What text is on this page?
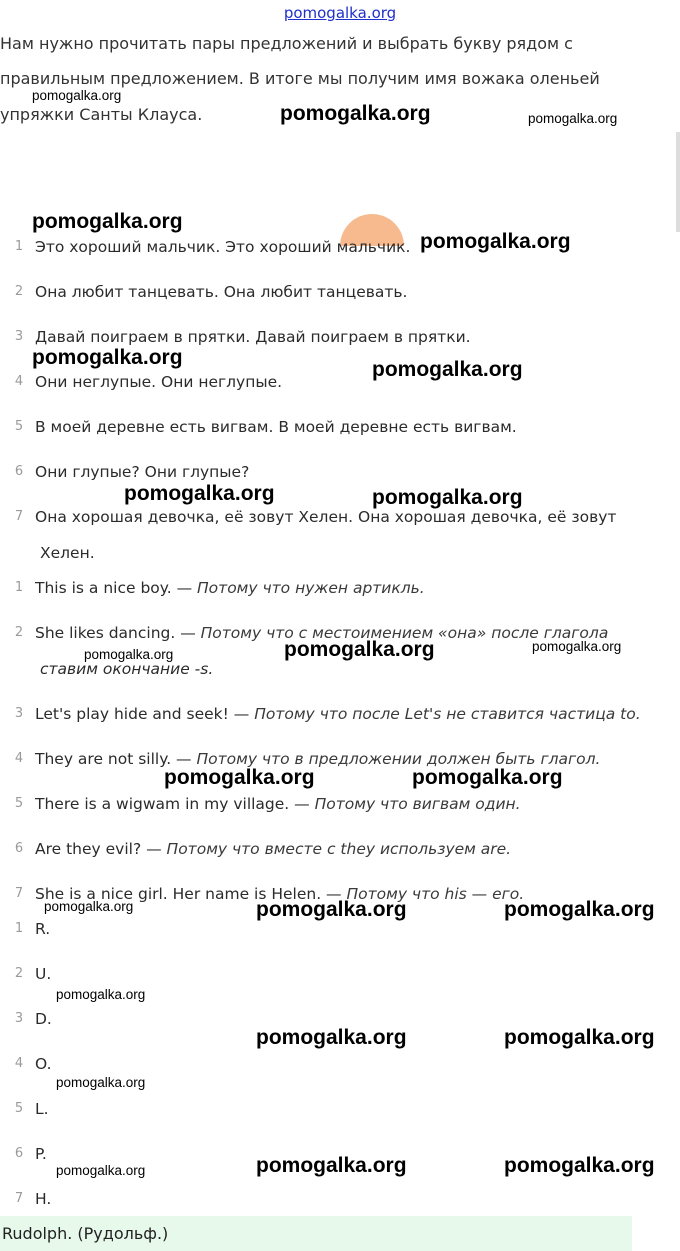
pomogalka.org
Нам нужно прочитать пары предложений и выбрать букву рядом с
правильным предложением. В итоге мы получим имя вожака оленьей
упряжки Санты Клауса.
1 Это хороший мальчик. Это хороший мальчик.
2 Она любит танцевать. Она любит танцевать.
3 Давай поиграем в прятки. Давай поиграем в прятки.
4 Они неглупые. Они неглупые.
5 В моей деревне есть вигвам. В моей деревне есть вигвам.
6 Они глупые? Они глупые?
7 Она хорошая девочка, её зовут Хелен. Она хорошая девочка, её зовут
Хелен.
1 This is a nice boy. — Потому что нужен артикль.
2 She likes dancing. — Потому что с местоимением «она» после глагола
ставим окончание -s.
3 Let's play hide and seek! — Потому что после Let's не ставится частица to.
4 They are not silly. — Потому что в предложении должен быть глагол.
5 There is a wigwam in my village. — Потому что вигвам один.
6 Are they evil? — Потому что вместе с they используем are.
7 She is a nice girl. Her name is Helen. — Потому что his — его.
1 R.
2 U.
3 D.
4 O.
5 L.
6 P.
7 H.
Rudolph. (Рудольф.)
pomogalka.org
pomogalka.org	pomogalka.org
pomogalka.org
pomogalka.org
pomogalka.org
pomogalka.org
pomogalka.org	pomogalka.org
pomogalka.org	pomogalka.org	pomogalka.org
pomogalka.org	pomogalka.org
pomogalka.org	pomogalka.org	pomogalka.org
pomogalka.org
pomogalka.org	pomogalka.org
pomogalka.org
pomogalka.org	pomogalka.org	pomogalka.org
